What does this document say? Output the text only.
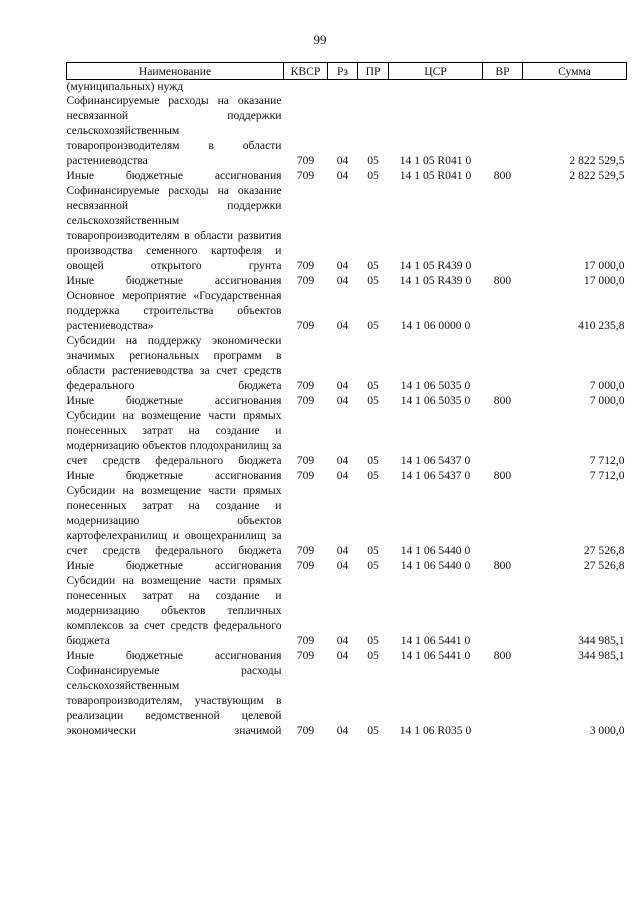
99
Наименование	КВСР	Рз	ПР	ЦСР	ВР	Сумма
(муниципальных) нужд						
Софинансируемые расходы на оказание несвязанной поддержки сельскохозяйственным товаропроизводителям в области растениеводства	709	04	05	14 1 05 R041 0		2 822 529,5
Иные бюджетные ассигнования	709	04	05	14 1 05 R041 0	800	2 822 529,5
Софинансируемые расходы на оказание несвязанной поддержки сельскохозяйственным товаропроизводителям в области развития производства семенного картофеля и овощей открытого грунта	709	04	05	14 1 05 R439 0		17 000,0
Иные бюджетные ассигнования	709	04	05	14 1 05 R439 0	800	17 000,0
Основное мероприятие «Государственная поддержка строительства объектов растениеводства»	709	04	05	14 1 06 0000 0		410 235,8
Субсидии на поддержку экономически значимых региональных программ в области растениеводства за счет средств федерального бюджета	709	04	05	14 1 06 5035 0		7 000,0
Иные бюджетные ассигнования	709	04	05	14 1 06 5035 0	800	7 000,0
Субсидии на возмещение части прямых понесенных затрат на создание и модернизацию объектов плодохранилищ за счет средств федерального бюджета	709	04	05	14 1 06 5437 0		7 712,0
Иные бюджетные ассигнования	709	04	05	14 1 06 5437 0	800	7 712,0
Субсидии на возмещение части прямых понесенных затрат на создание и модернизацию объектов картофелехранилищ и овощехранилищ за счет средств федерального бюджета	709	04	05	14 1 06 5440 0		27 526,8
Иные бюджетные ассигнования	709	04	05	14 1 06 5440 0	800	27 526,8
Субсидии на возмещение части прямых понесенных затрат на создание и модернизацию объектов тепличных комплексов за счет средств федерального бюджета	709	04	05	14 1 06 5441 0		344 985,1
Иные бюджетные ассигнования	709	04	05	14 1 06 5441 0	800	344 985,1
Софинансируемые расходы сельскохозяйственным товаропроизводителям, участвующим в реализации ведомственной целевой экономически значимой	709	04	05	14 1 06 R035 0		3 000,0
